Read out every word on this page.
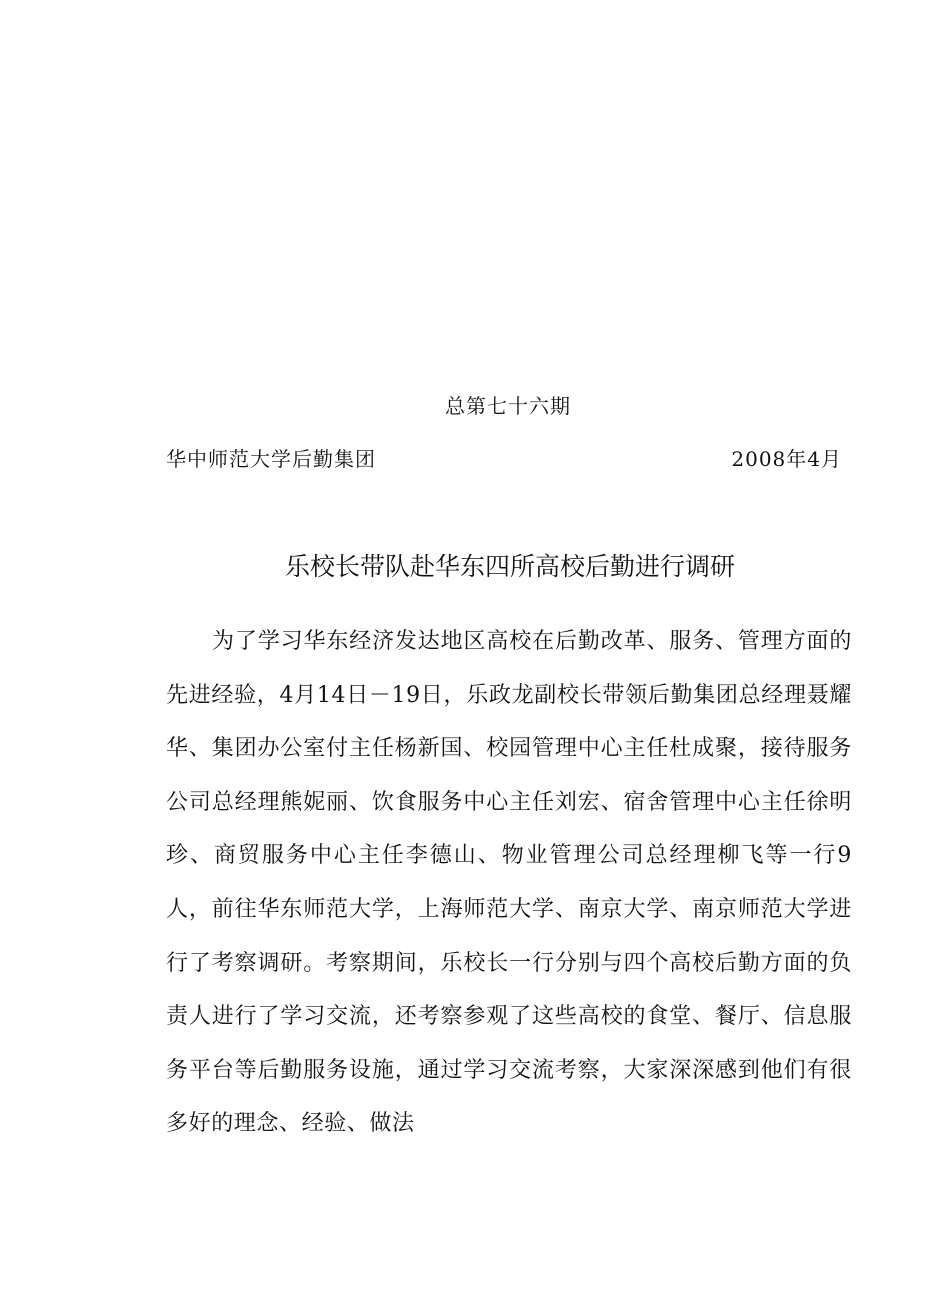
总第七十六期
华中师范大学后勤集团	2008年4月
乐校长带队赴华东四所高校后勤进行调研

为了学习华东经济发达地区高校在后勤改革、服务、管理方面的先进经验，4月14日－19日，乐政龙副校长带领后勤集团总经理聂耀华、集团办公室付主任杨新国、校园管理中心主任杜成聚，接待服务公司总经理熊妮丽、饮食服务中心主任刘宏、宿舍管理中心主任徐明珍、商贸服务中心主任李德山、物业管理公司总经理柳飞等一行9人，前往华东师范大学，上海师范大学、南京大学、南京师范大学进行了考察调研。考察期间，乐校长一行分别与四个高校后勤方面的负责人进行了学习交流，还考察参观了这些高校的食堂、餐厅、信息服务平台等后勤服务设施，通过学习交流考察，大家深深感到他们有很多好的理念、经验、做法
